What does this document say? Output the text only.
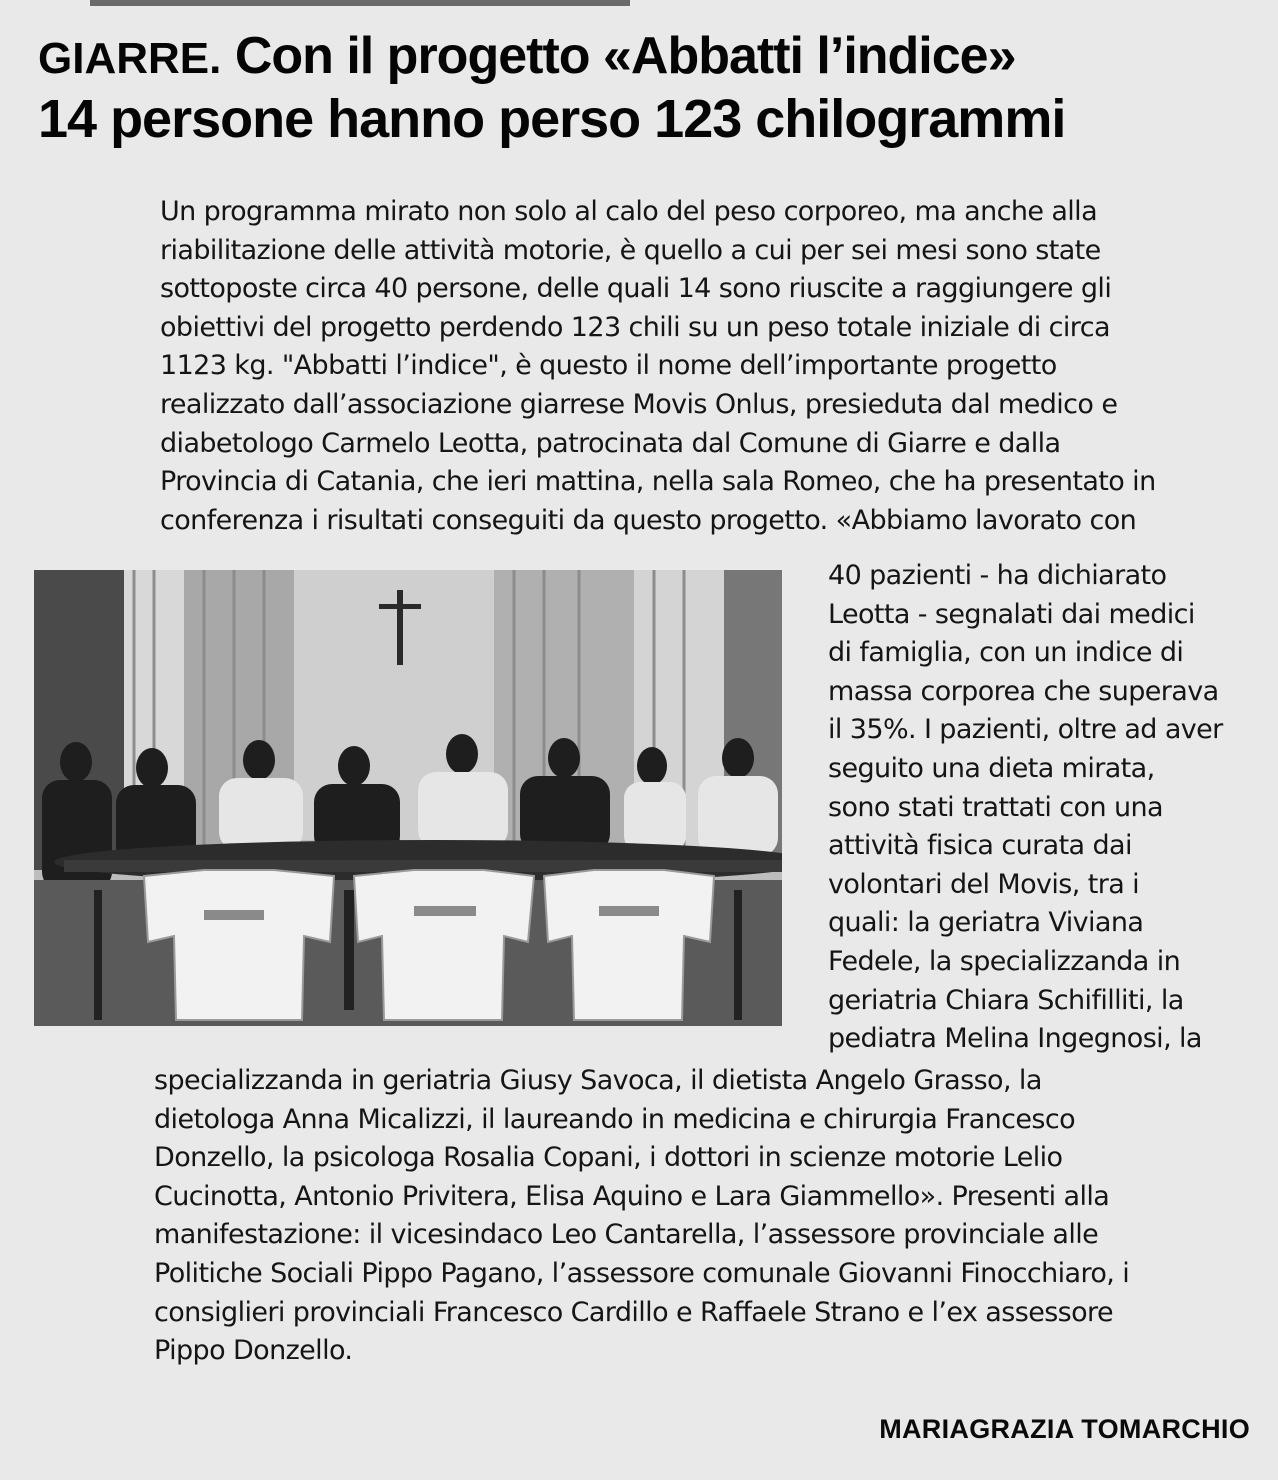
GIARRE. Con il progetto «Abbatti l’indice»
14 persone hanno perso 123 chilogrammi
Un programma mirato non solo al calo del peso corporeo, ma anche alla
riabilitazione delle attività motorie, è quello a cui per sei mesi sono state
sottoposte circa 40 persone, delle quali 14 sono riuscite a raggiungere gli
obiettivi del progetto perdendo 123 chili su un peso totale iniziale di circa
1123 kg. "Abbatti l’indice", è questo il nome dell’importante progetto
realizzato dall’associazione giarrese Movis Onlus, presieduta dal medico e
diabetologo Carmelo Leotta, patrocinata dal Comune di Giarre e dalla
Provincia di Catania, che ieri mattina, nella sala Romeo, che ha presentato in
conferenza i risultati conseguiti da questo progetto. «Abbiamo lavorato con
40 pazienti - ha dichiarato
Leotta - segnalati dai medici
di famiglia, con un indice di
massa corporea che superava
il 35%. I pazienti, oltre ad aver
seguito una dieta mirata,
sono stati trattati con una
attività fisica curata dai
volontari del Movis, tra i
quali: la geriatra Viviana
Fedele, la specializzanda in
geriatria Chiara Schifilliti, la
pediatra Melina Ingegnosi, la
specializzanda in geriatria Giusy Savoca, il dietista Angelo Grasso, la
dietologa Anna Micalizzi, il laureando in medicina e chirurgia Francesco
Donzello, la psicologa Rosalia Copani, i dottori in scienze motorie Lelio
Cucinotta, Antonio Privitera, Elisa Aquino e Lara Giammello». Presenti alla
manifestazione: il vicesindaco Leo Cantarella, l’assessore provinciale alle
Politiche Sociali Pippo Pagano, l’assessore comunale Giovanni Finocchiaro, i
consiglieri provinciali Francesco Cardillo e Raffaele Strano e l’ex assessore
Pippo Donzello.
MARIAGRAZIA TOMARCHIO
